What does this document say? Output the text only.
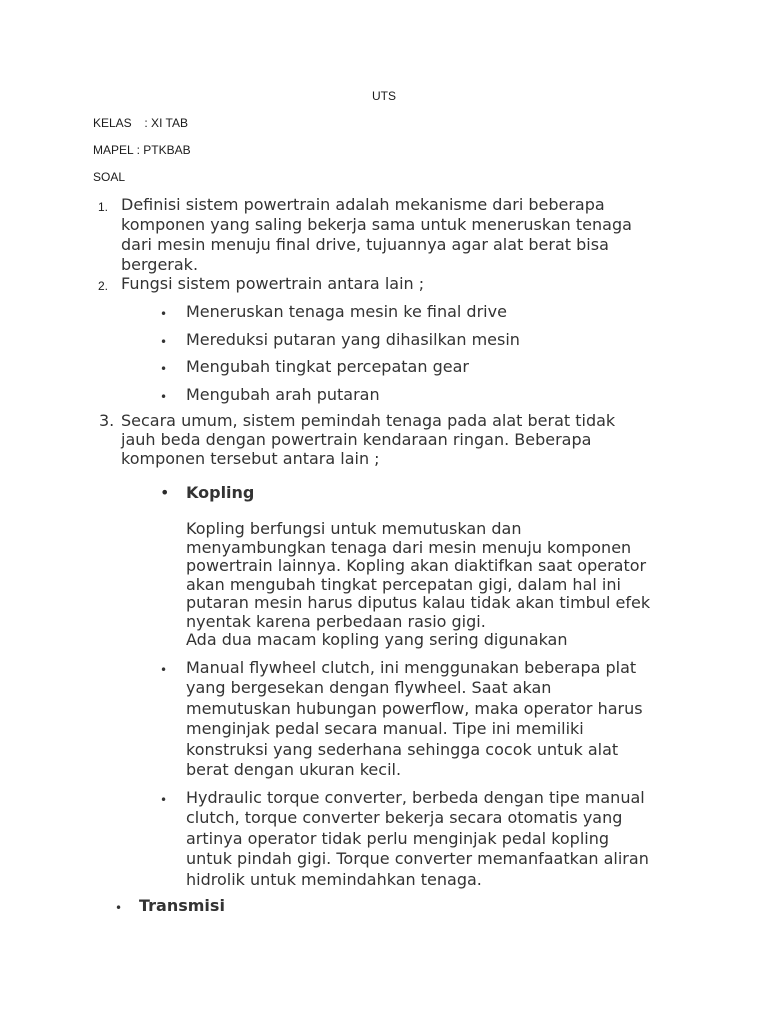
UTS
KELAS : XI TAB
MAPEL : PTKBAB
SOAL
1. Definisi sistem powertrain adalah mekanisme dari beberapa
komponen yang saling bekerja sama untuk meneruskan tenaga
dari mesin menuju final drive, tujuannya agar alat berat bisa
bergerak.
2. Fungsi sistem powertrain antara lain ;
• Meneruskan tenaga mesin ke final drive
• Mereduksi putaran yang dihasilkan mesin
• Mengubah tingkat percepatan gear
• Mengubah arah putaran
3. Secara umum, sistem pemindah tenaga pada alat berat tidak
jauh beda dengan powertrain kendaraan ringan. Beberapa
komponen tersebut antara lain ;
• Kopling
Kopling berfungsi untuk memutuskan dan
menyambungkan tenaga dari mesin menuju komponen
powertrain lainnya. Kopling akan diaktifkan saat operator
akan mengubah tingkat percepatan gigi, dalam hal ini
putaran mesin harus diputus kalau tidak akan timbul efek
nyentak karena perbedaan rasio gigi.
Ada dua macam kopling yang sering digunakan
• Manual flywheel clutch, ini menggunakan beberapa plat
yang bergesekan dengan flywheel. Saat akan
memutuskan hubungan powerflow, maka operator harus
menginjak pedal secara manual. Tipe ini memiliki
konstruksi yang sederhana sehingga cocok untuk alat
berat dengan ukuran kecil.
• Hydraulic torque converter, berbeda dengan tipe manual
clutch, torque converter bekerja secara otomatis yang
artinya operator tidak perlu menginjak pedal kopling
untuk pindah gigi. Torque converter memanfaatkan aliran
hidrolik untuk memindahkan tenaga.
• Transmisi
